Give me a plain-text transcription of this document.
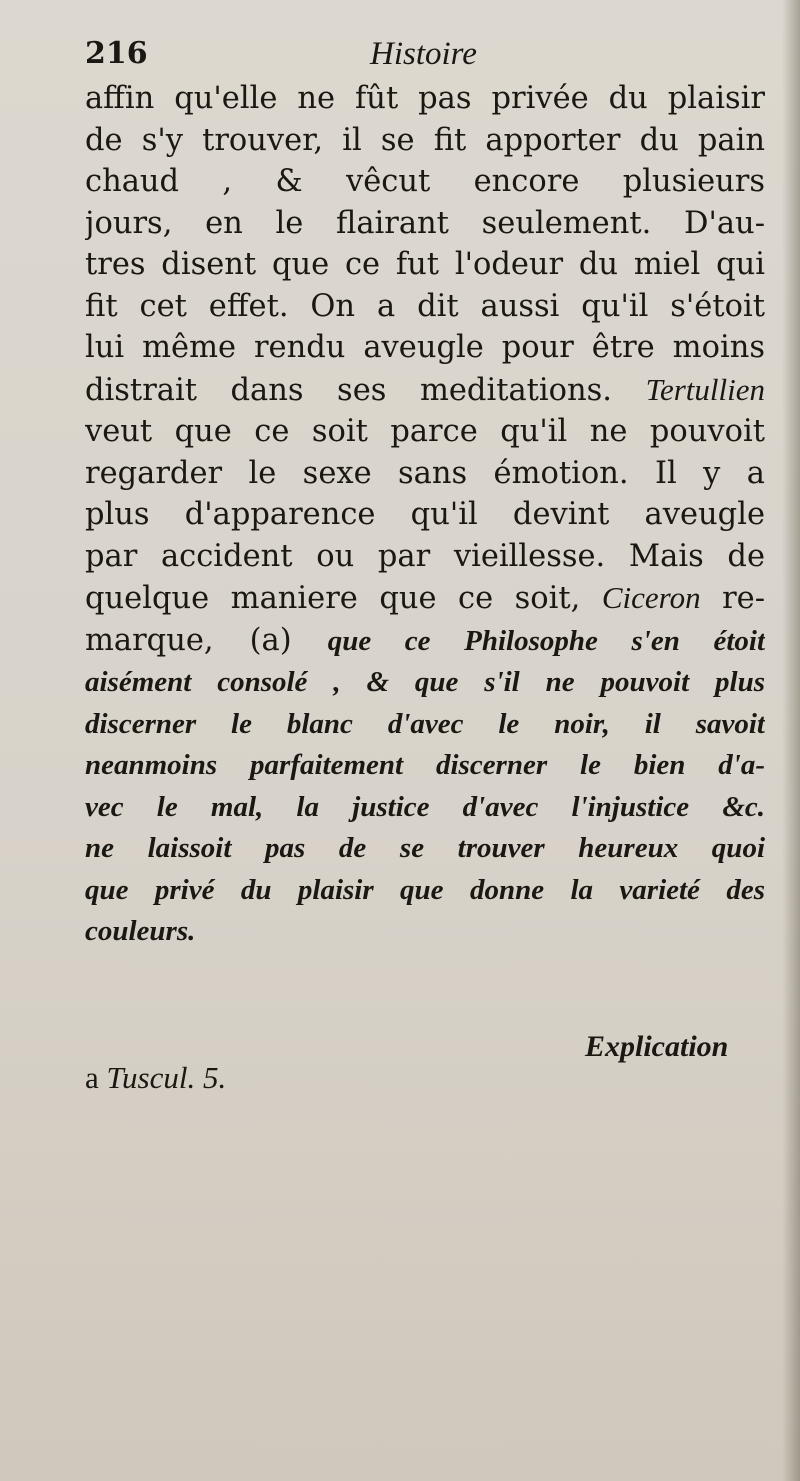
216	Histoire
affin qu'elle ne fût pas privée du plaisir
de s'y trouver, il se fit apporter du pain
chaud , & vêcut encore plusieurs
jours, en le flairant seulement. D'au-
tres disent que ce fut l'odeur du miel qui
fit cet effet. On a dit aussi qu'il s'étoit
lui même rendu aveugle pour être moins
distrait dans ses meditations. Tertullien
veut que ce soit parce qu'il ne pouvoit
regarder le sexe sans émotion. Il y a
plus d'apparence qu'il devint aveugle
par accident ou par vieillesse. Mais de
quelque maniere que ce soit, Ciceron re-
marque, (a) que ce Philosophe s'en étoit
aisément consolé , & que s'il ne pouvoit plus
discerner le blanc d'avec le noir, il savoit
neanmoins parfaitement discerner le bien d'a-
vec le mal, la justice d'avec l'injustice &c.
ne laissoit pas de se trouver heureux quoi
que privé du plaisir que donne la varieté des
couleurs.
Explication
a Tuscul. 5.
